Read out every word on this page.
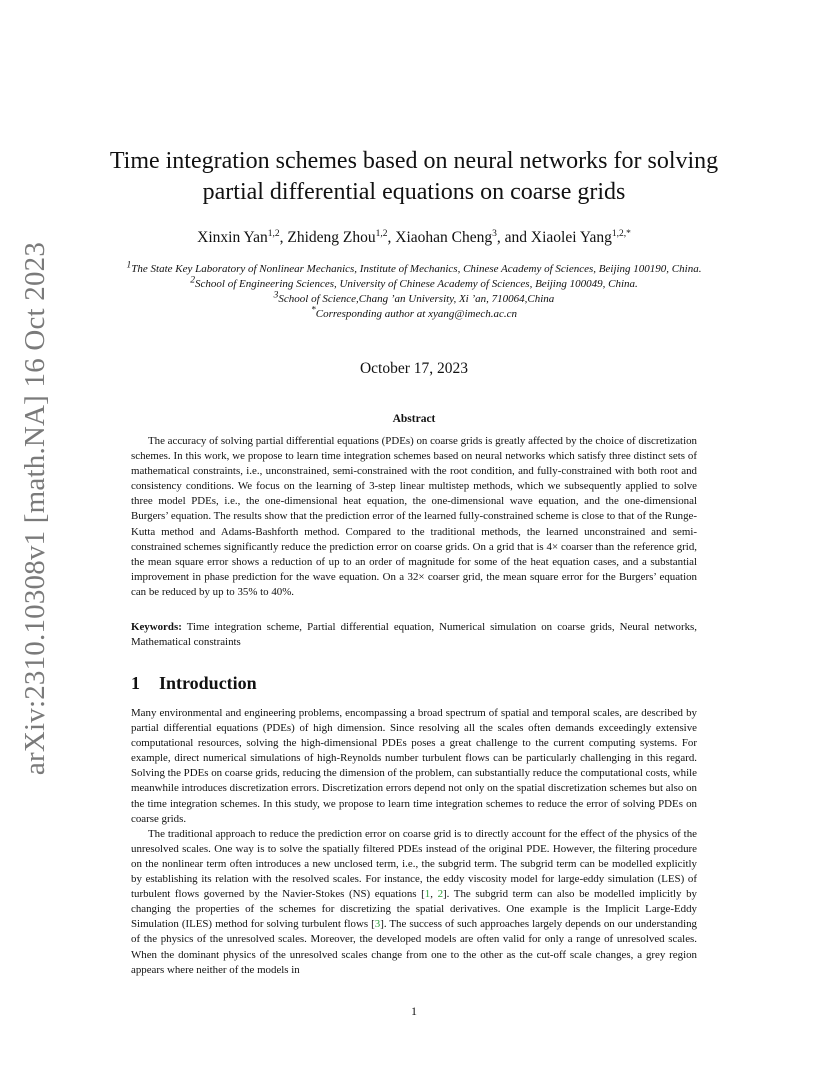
arXiv:2310.10308v1 [math.NA] 16 Oct 2023
Time integration schemes based on neural networks for solving partial differential equations on coarse grids
Xinxin Yan$^{1,2}$, Zhideng Zhou$^{1,2}$, Xiaohan Cheng$^3$, and Xiaolei Yang$^{1,2,*}$
$^1$The State Key Laboratory of Nonlinear Mechanics, Institute of Mechanics, Chinese Academy of Sciences, Beijing 100190, China.
$^2$School of Engineering Sciences, University of Chinese Academy of Sciences, Beijing 100049, China.
$^3$School of Science,Chang ’an University, Xi ’an, 710064,China
*Corresponding author at xyang@imech.ac.cn
October 17, 2023
Abstract

The accuracy of solving partial differential equations (PDEs) on coarse grids is greatly affected by the choice of discretization schemes. In this work, we propose to learn time integration schemes based on neural networks which satisfy three distinct sets of mathematical constraints, i.e., unconstrained, semi-constrained with the root condition, and fully-constrained with both root and consistency conditions. We focus on the learning of 3-step linear multistep methods, which we subsequently applied to solve three model PDEs, i.e., the one-dimensional heat equation, the one-dimensional wave equation, and the one-dimensional Burgers’ equation. The results show that the prediction error of the learned fully-constrained scheme is close to that of the Runge-Kutta method and Adams-Bashforth method. Compared to the traditional methods, the learned unconstrained and semi-constrained schemes significantly reduce the prediction error on coarse grids. On a grid that is 4× coarser than the reference grid, the mean square error shows a reduction of up to an order of magnitude for some of the heat equation cases, and a substantial improvement in phase prediction for the wave equation. On a 32× coarser grid, the mean square error for the Burgers’ equation can be reduced by up to 35% to 40%.

Keywords: Time integration scheme, Partial differential equation, Numerical simulation on coarse grids, Neural networks, Mathematical constraints
1 Introduction

Many environmental and engineering problems, encompassing a broad spectrum of spatial and temporal scales, are described by partial differential equations (PDEs) of high dimension. Since resolving all the scales often demands exceedingly extensive computational resources, solving the high-dimensional PDEs poses a great challenge to the current computing systems. For example, direct numerical simulations of high-Reynolds number turbulent flows can be particularly challenging in this regard. Solving the PDEs on coarse grids, reducing the dimension of the problem, can substantially reduce the computational costs, while meanwhile introduces discretization errors. Discretization errors depend not only on the spatial discretization schemes but also on the time integration schemes. In this study, we propose to learn time integration schemes to reduce the error of solving PDEs on coarse grids.

The traditional approach to reduce the prediction error on coarse grid is to directly account for the effect of the physics of the unresolved scales. One way is to solve the spatially filtered PDEs instead of the original PDE. However, the filtering procedure on the nonlinear term often introduces a new unclosed term, i.e., the subgrid term. The subgrid term can be modelled explicitly by establishing its relation with the resolved scales. For instance, the eddy viscosity model for large-eddy simulation (LES) of turbulent flows governed by the Navier-Stokes (NS) equations [1, 2]. The subgrid term can also be modelled implicitly by changing the properties of the schemes for discretizing the spatial derivatives. One example is the Implicit Large-Eddy Simulation (ILES) method for solving turbulent flows [3]. The success of such approaches largely depends on our understanding of the physics of the unresolved scales. Moreover, the developed models are often valid for only a range of unresolved scales. When the dominant physics of the unresolved scales change from one to the other as the cut-off scale changes, a grey region appears where neither of the models in

1
